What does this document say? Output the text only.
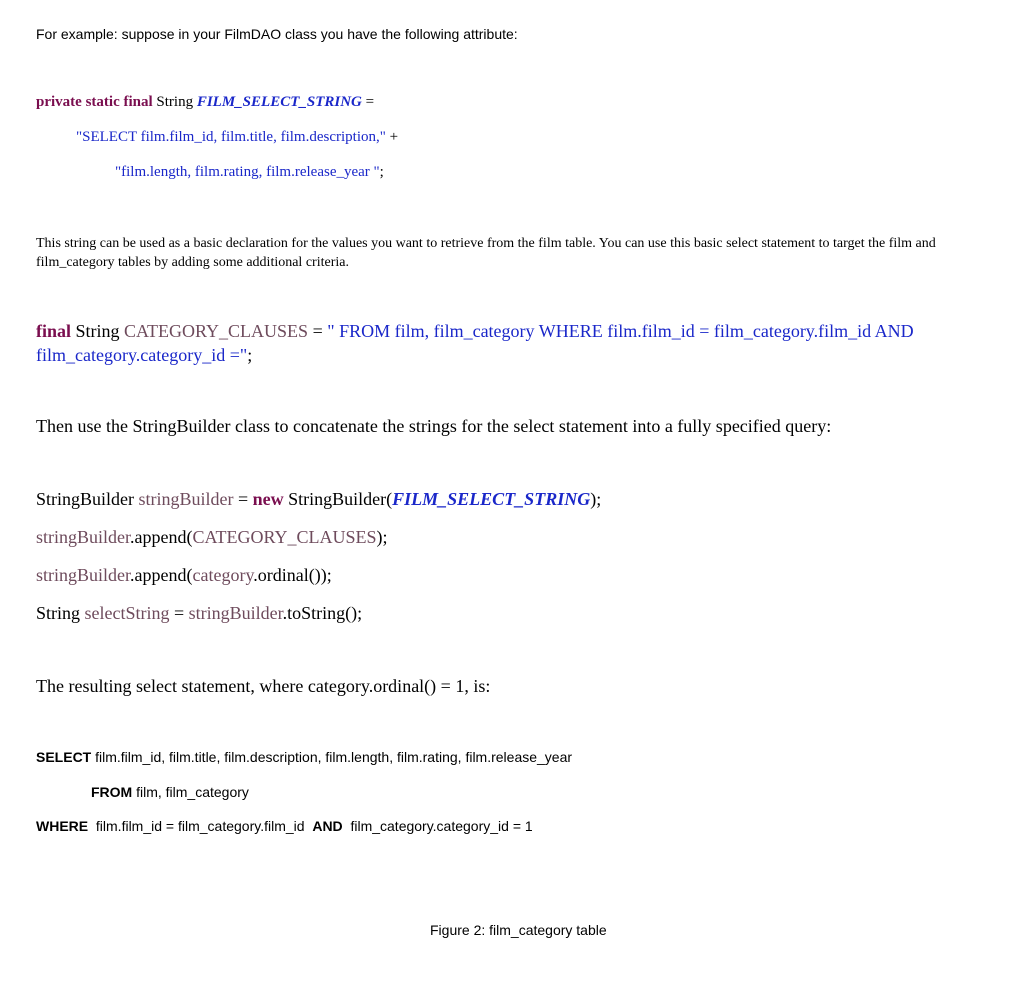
For example: suppose in your FilmDAO class you have the following attribute:
private static final String FILM_SELECT_STRING =
"SELECT film.film_id, film.title, film.description," +
"film.length, film.rating, film.release_year ";
This string can be used as a basic declaration for the values you want to retrieve from the film table. You can use this basic select statement to target the film and film_category tables by adding some additional criteria.
final String CATEGORY_CLAUSES = " FROM film, film_category WHERE film.film_id = film_category.film_id AND
film_category.category_id =";
Then use the StringBuilder class to concatenate the strings for the select statement into a fully specified query:
StringBuilder stringBuilder = new StringBuilder(FILM_SELECT_STRING);
stringBuilder.append(CATEGORY_CLAUSES);
stringBuilder.append(category.ordinal());
String selectString = stringBuilder.toString();
The resulting select statement, where category.ordinal() = 1, is:
SELECT film.film_id, film.title, film.description, film.length, film.rating, film.release_year
FROM film, film_category
WHERE film.film_id = film_category.film_id AND film_category.category_id = 1
Figure 2: film_category table
